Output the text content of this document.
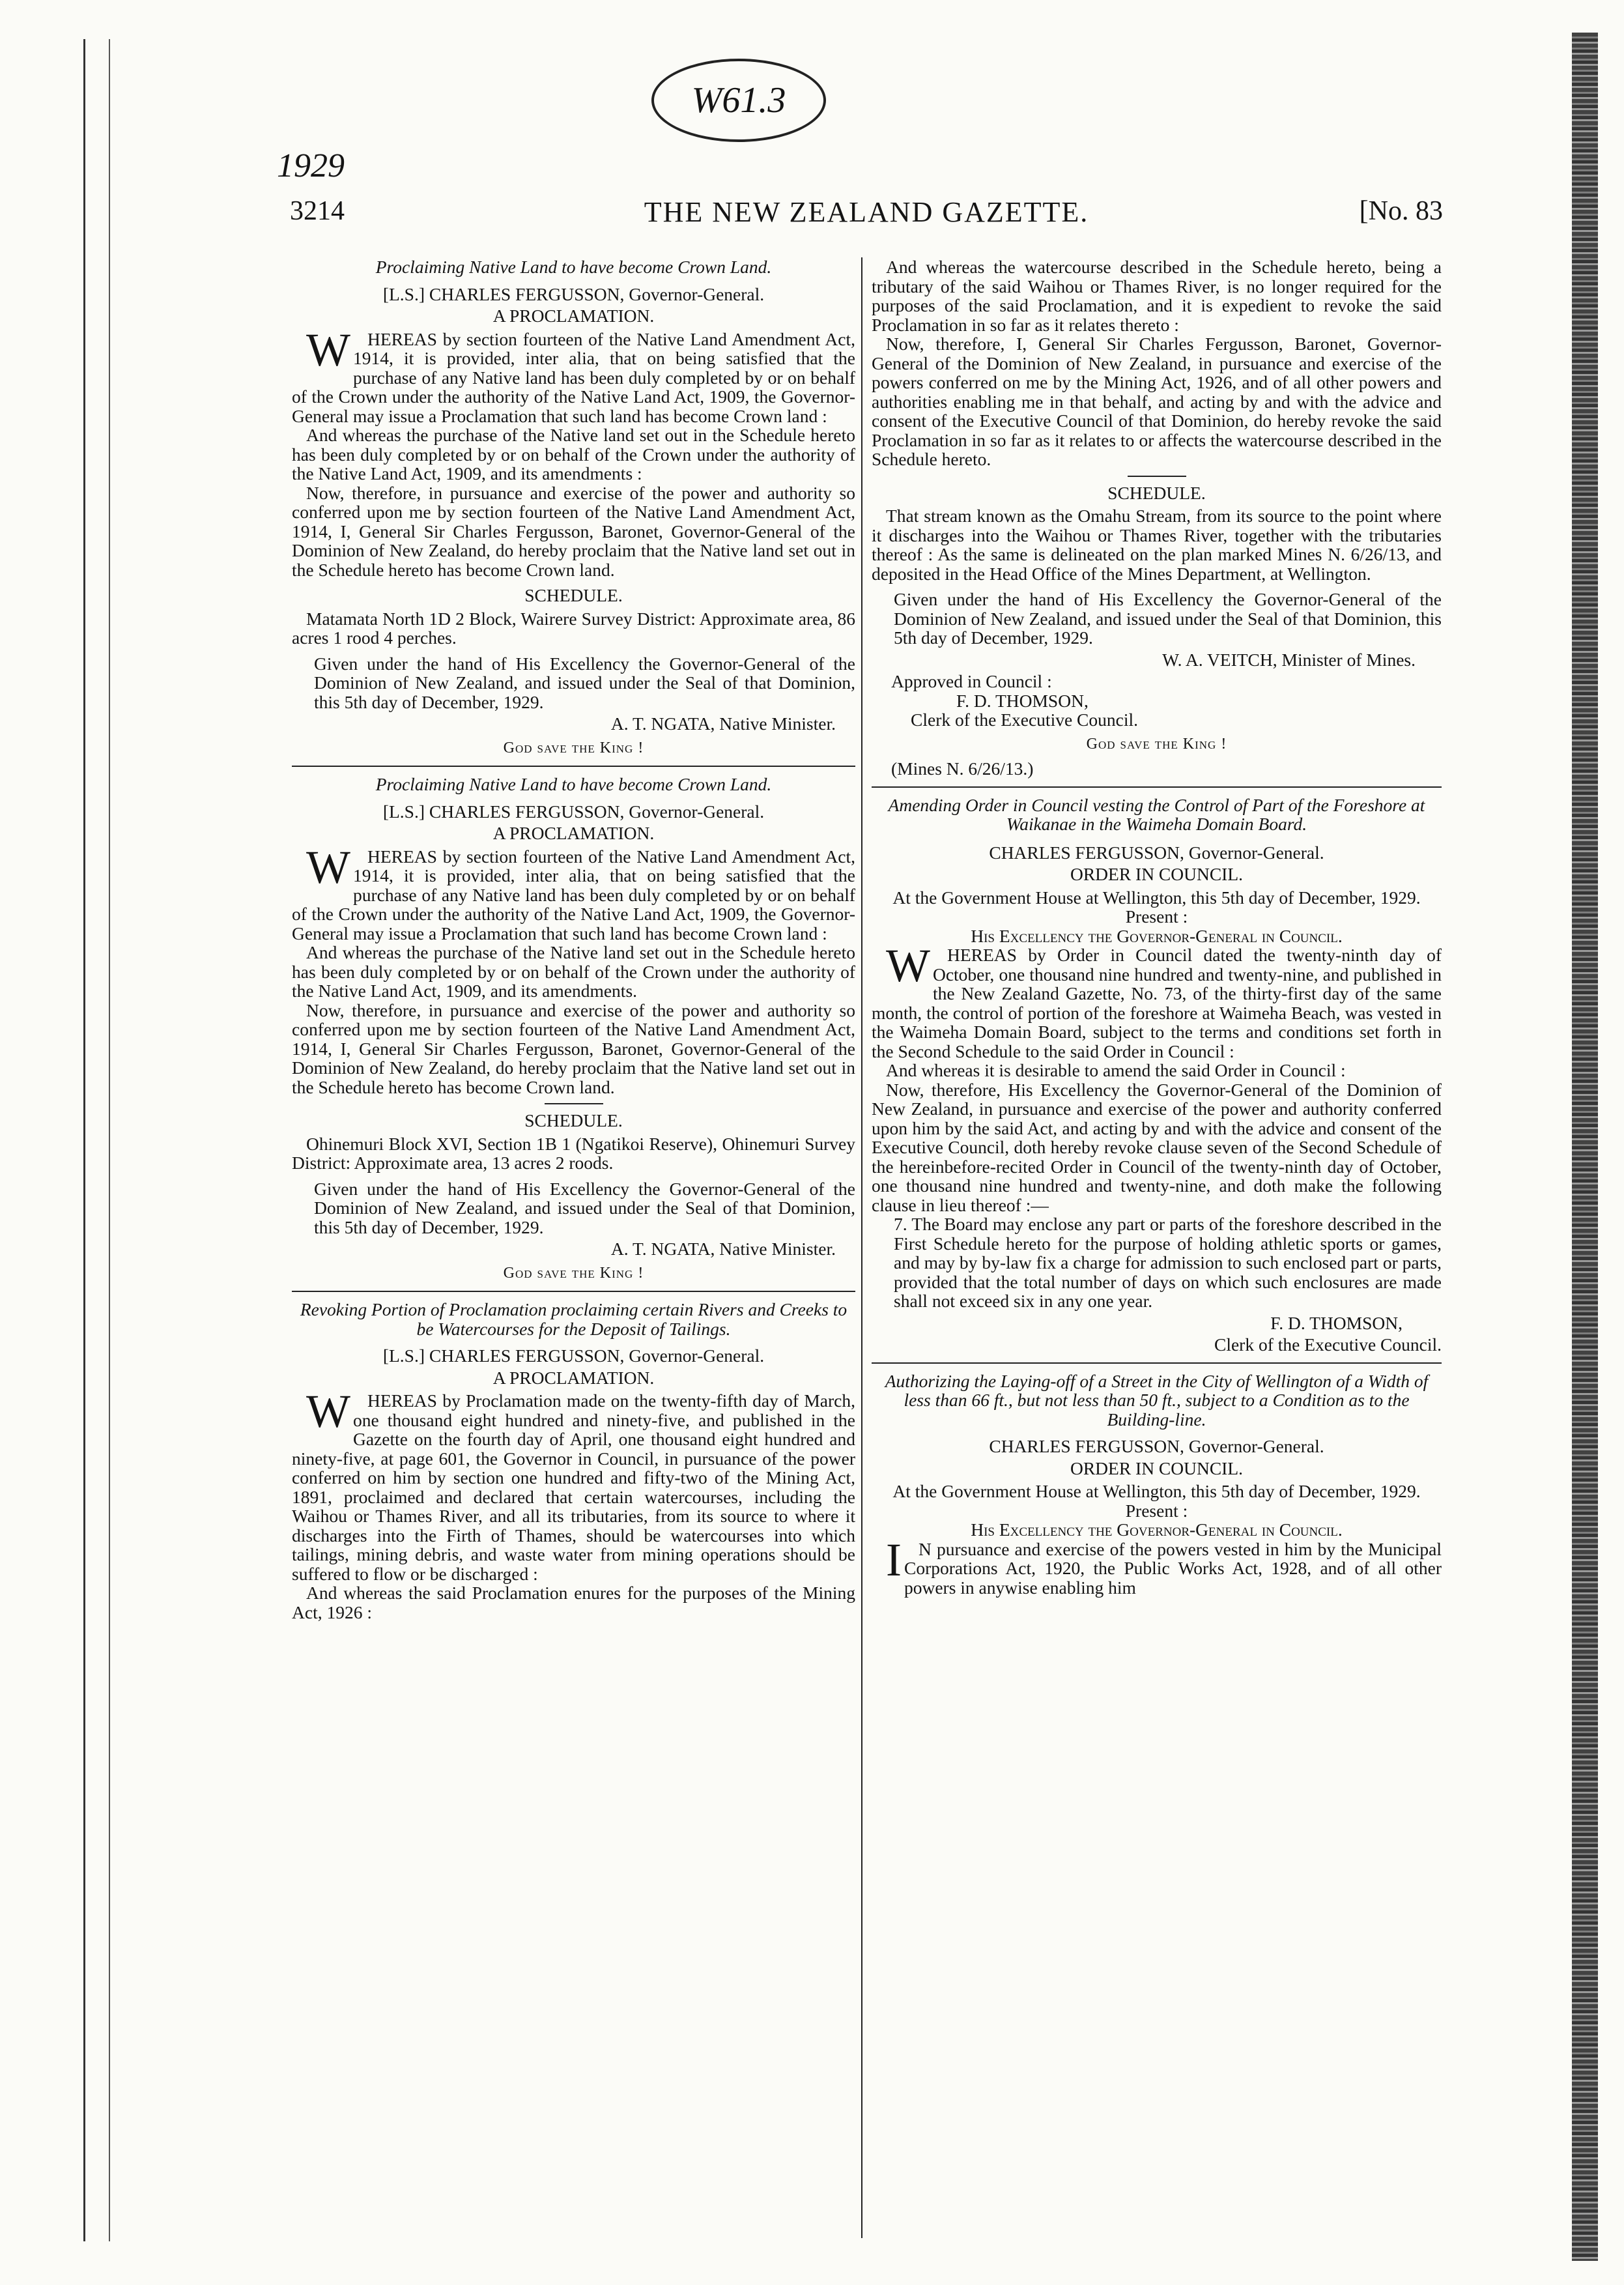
W61.3
1929
3214	THE NEW ZEALAND GAZETTE.	[No. 83
Proclaiming Native Land to have become Crown Land.
[L.S.] CHARLES FERGUSSON, Governor-General.
A PROCLAMATION.

WHEREAS by section fourteen of the Native Land Amendment Act, 1914, it is provided, inter alia, that on being satisfied that the purchase of any Native land has been duly completed by or on behalf of the Crown under the authority of the Native Land Act, 1909, the Governor-General may issue a Proclamation that such land has become Crown land :

And whereas the purchase of the Native land set out in the Schedule hereto has been duly completed by or on behalf of the Crown under the authority of the Native Land Act, 1909, and its amendments :

Now, therefore, in pursuance and exercise of the power and authority so conferred upon me by section fourteen of the Native Land Amendment Act, 1914, I, General Sir Charles Fergusson, Baronet, Governor-General of the Dominion of New Zealand, do hereby proclaim that the Native land set out in the Schedule hereto has become Crown land.

SCHEDULE.

Matamata North 1D 2 Block, Wairere Survey District: Approximate area, 86 acres 1 rood 4 perches.

Given under the hand of His Excellency the Governor-General of the Dominion of New Zealand, and issued under the Seal of that Dominion, this 5th day of December, 1929.

A. T. NGATA, Native Minister.
God save the King !
Proclaiming Native Land to have become Crown Land.
[L.S.] CHARLES FERGUSSON, Governor-General.
A PROCLAMATION.

WHEREAS by section fourteen of the Native Land Amendment Act, 1914, it is provided, inter alia, that on being satisfied that the purchase of any Native land has been duly completed by or on behalf of the Crown under the authority of the Native Land Act, 1909, the Governor-General may issue a Proclamation that such land has become Crown land :

And whereas the purchase of the Native land set out in the Schedule hereto has been duly completed by or on behalf of the Crown under the authority of the Native Land Act, 1909, and its amendments.

Now, therefore, in pursuance and exercise of the power and authority so conferred upon me by section fourteen of the Native Land Amendment Act, 1914, I, General Sir Charles Fergusson, Baronet, Governor-General of the Dominion of New Zealand, do hereby proclaim that the Native land set out in the Schedule hereto has become Crown land.

SCHEDULE.

Ohinemuri Block XVI, Section 1B 1 (Ngatikoi Reserve), Ohinemuri Survey District: Approximate area, 13 acres 2 roods.

Given under the hand of His Excellency the Governor-General of the Dominion of New Zealand, and issued under the Seal of that Dominion, this 5th day of December, 1929.

A. T. NGATA, Native Minister.
God save the King !
Revoking Portion of Proclamation proclaiming certain Rivers and Creeks to be Watercourses for the Deposit of Tailings.
[L.S.] CHARLES FERGUSSON, Governor-General.
A PROCLAMATION.

WHEREAS by Proclamation made on the twenty-fifth day of March, one thousand eight hundred and ninety-five, and published in the Gazette on the fourth day of April, one thousand eight hundred and ninety-five, at page 601, the Governor in Council, in pursuance of the power conferred on him by section one hundred and fifty-two of the Mining Act, 1891, proclaimed and declared that certain watercourses, including the Waihou or Thames River, and all its tributaries, from its source to where it discharges into the Firth of Thames, should be watercourses into which tailings, mining debris, and waste water from mining operations should be suffered to flow or be discharged :

And whereas the said Proclamation enures for the purposes of the Mining Act, 1926 :

And whereas the watercourse described in the Schedule hereto, being a tributary of the said Waihou or Thames River, is no longer required for the purposes of the said Proclamation, and it is expedient to revoke the said Proclamation in so far as it relates thereto :

Now, therefore, I, General Sir Charles Fergusson, Baronet, Governor-General of the Dominion of New Zealand, in pursuance and exercise of the powers conferred on me by the Mining Act, 1926, and of all other powers and authorities enabling me in that behalf, and acting by and with the advice and consent of the Executive Council of that Dominion, do hereby revoke the said Proclamation in so far as it relates to or affects the watercourse described in the Schedule hereto.

SCHEDULE.

That stream known as the Omahu Stream, from its source to the point where it discharges into the Waihou or Thames River, together with the tributaries thereof : As the same is delineated on the plan marked Mines N. 6/26/13, and deposited in the Head Office of the Mines Department, at Wellington.

Given under the hand of His Excellency the Governor-General of the Dominion of New Zealand, and issued under the Seal of that Dominion, this 5th day of December, 1929.

W. A. VEITCH, Minister of Mines.
Approved in Council :
F. D. THOMSON,
Clerk of the Executive Council.
God save the King !
(Mines N. 6/26/13.)
Amending Order in Council vesting the Control of Part of the Foreshore at Waikanae in the Waimeha Domain Board.
CHARLES FERGUSSON, Governor-General.
ORDER IN COUNCIL.
At the Government House at Wellington, this 5th day of December, 1929.
Present :
His Excellency the Governor-General in Council.

WHEREAS by Order in Council dated the twenty-ninth day of October, one thousand nine hundred and twenty-nine, and published in the New Zealand Gazette, No. 73, of the thirty-first day of the same month, the control of portion of the foreshore at Waimeha Beach, was vested in the Waimeha Domain Board, subject to the terms and conditions set forth in the Second Schedule to the said Order in Council :

And whereas it is desirable to amend the said Order in Council :

Now, therefore, His Excellency the Governor-General of the Dominion of New Zealand, in pursuance and exercise of the power and authority conferred upon him by the said Act, and acting by and with the advice and consent of the Executive Council, doth hereby revoke clause seven of the Second Schedule of the hereinbefore-recited Order in Council of the twenty-ninth day of October, one thousand nine hundred and twenty-nine, and doth make the following clause in lieu thereof :—

7. The Board may enclose any part or parts of the foreshore described in the First Schedule hereto for the purpose of holding athletic sports or games, and may by by-law fix a charge for admission to such enclosed part or parts, provided that the total number of days on which such enclosures are made shall not exceed six in any one year.

F. D. THOMSON,
Clerk of the Executive Council.
Authorizing the Laying-off of a Street in the City of Wellington of a Width of less than 66 ft., but not less than 50 ft., subject to a Condition as to the Building-line.
CHARLES FERGUSSON, Governor-General.
ORDER IN COUNCIL.
At the Government House at Wellington, this 5th day of December, 1929.
Present :
His Excellency the Governor-General in Council.

I N pursuance and exercise of the powers vested in him by the Municipal Corporations Act, 1920, the Public Works Act, 1928, and of all other powers in anywise enabling him
